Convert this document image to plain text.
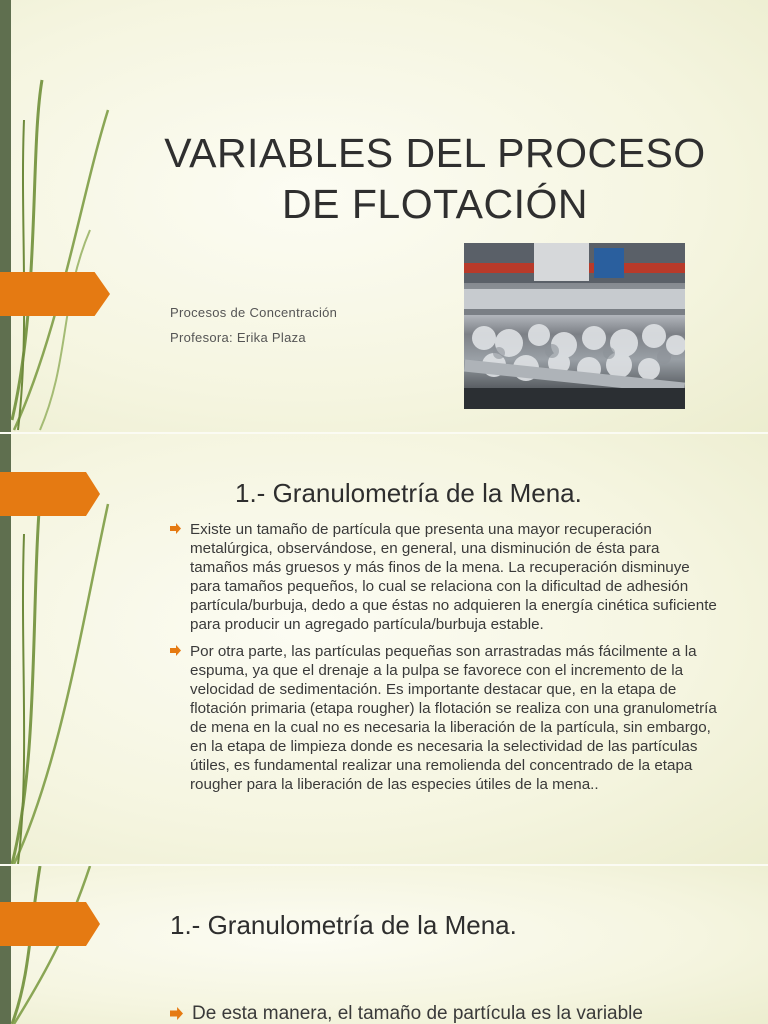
VARIABLES DEL PROCESO DE FLOTACIÓN
Procesos de Concentración
Profesora: Erika Plaza
1.- Granulometría de la Mena.
Existe un tamaño de partícula que presenta una mayor recuperación metalúrgica, observándose, en general, una disminución de ésta para tamaños más gruesos y más finos de la mena. La recuperación disminuye para tamaños pequeños, lo cual se relaciona con la dificultad de adhesión partícula/burbuja, dedo a que éstas no adquieren la energía cinética suficiente para producir un agregado partícula/burbuja estable.
Por otra parte, las partículas pequeñas son arrastradas más fácilmente a la espuma, ya que el drenaje a la pulpa se favorece con el incremento de la velocidad de sedimentación. Es importante destacar que, en la etapa de flotación primaria (etapa rougher) la flotación se realiza con una granulometría de mena en la cual no es necesaria la liberación de la partícula, sin embargo, en la etapa de limpieza donde es necesaria la selectividad de las partículas útiles, es fundamental realizar una remolienda del concentrado de la etapa rougher para la liberación de las especies útiles de la mena..
1.- Granulometría de la Mena.
De esta manera, el tamaño de partícula es la variable
